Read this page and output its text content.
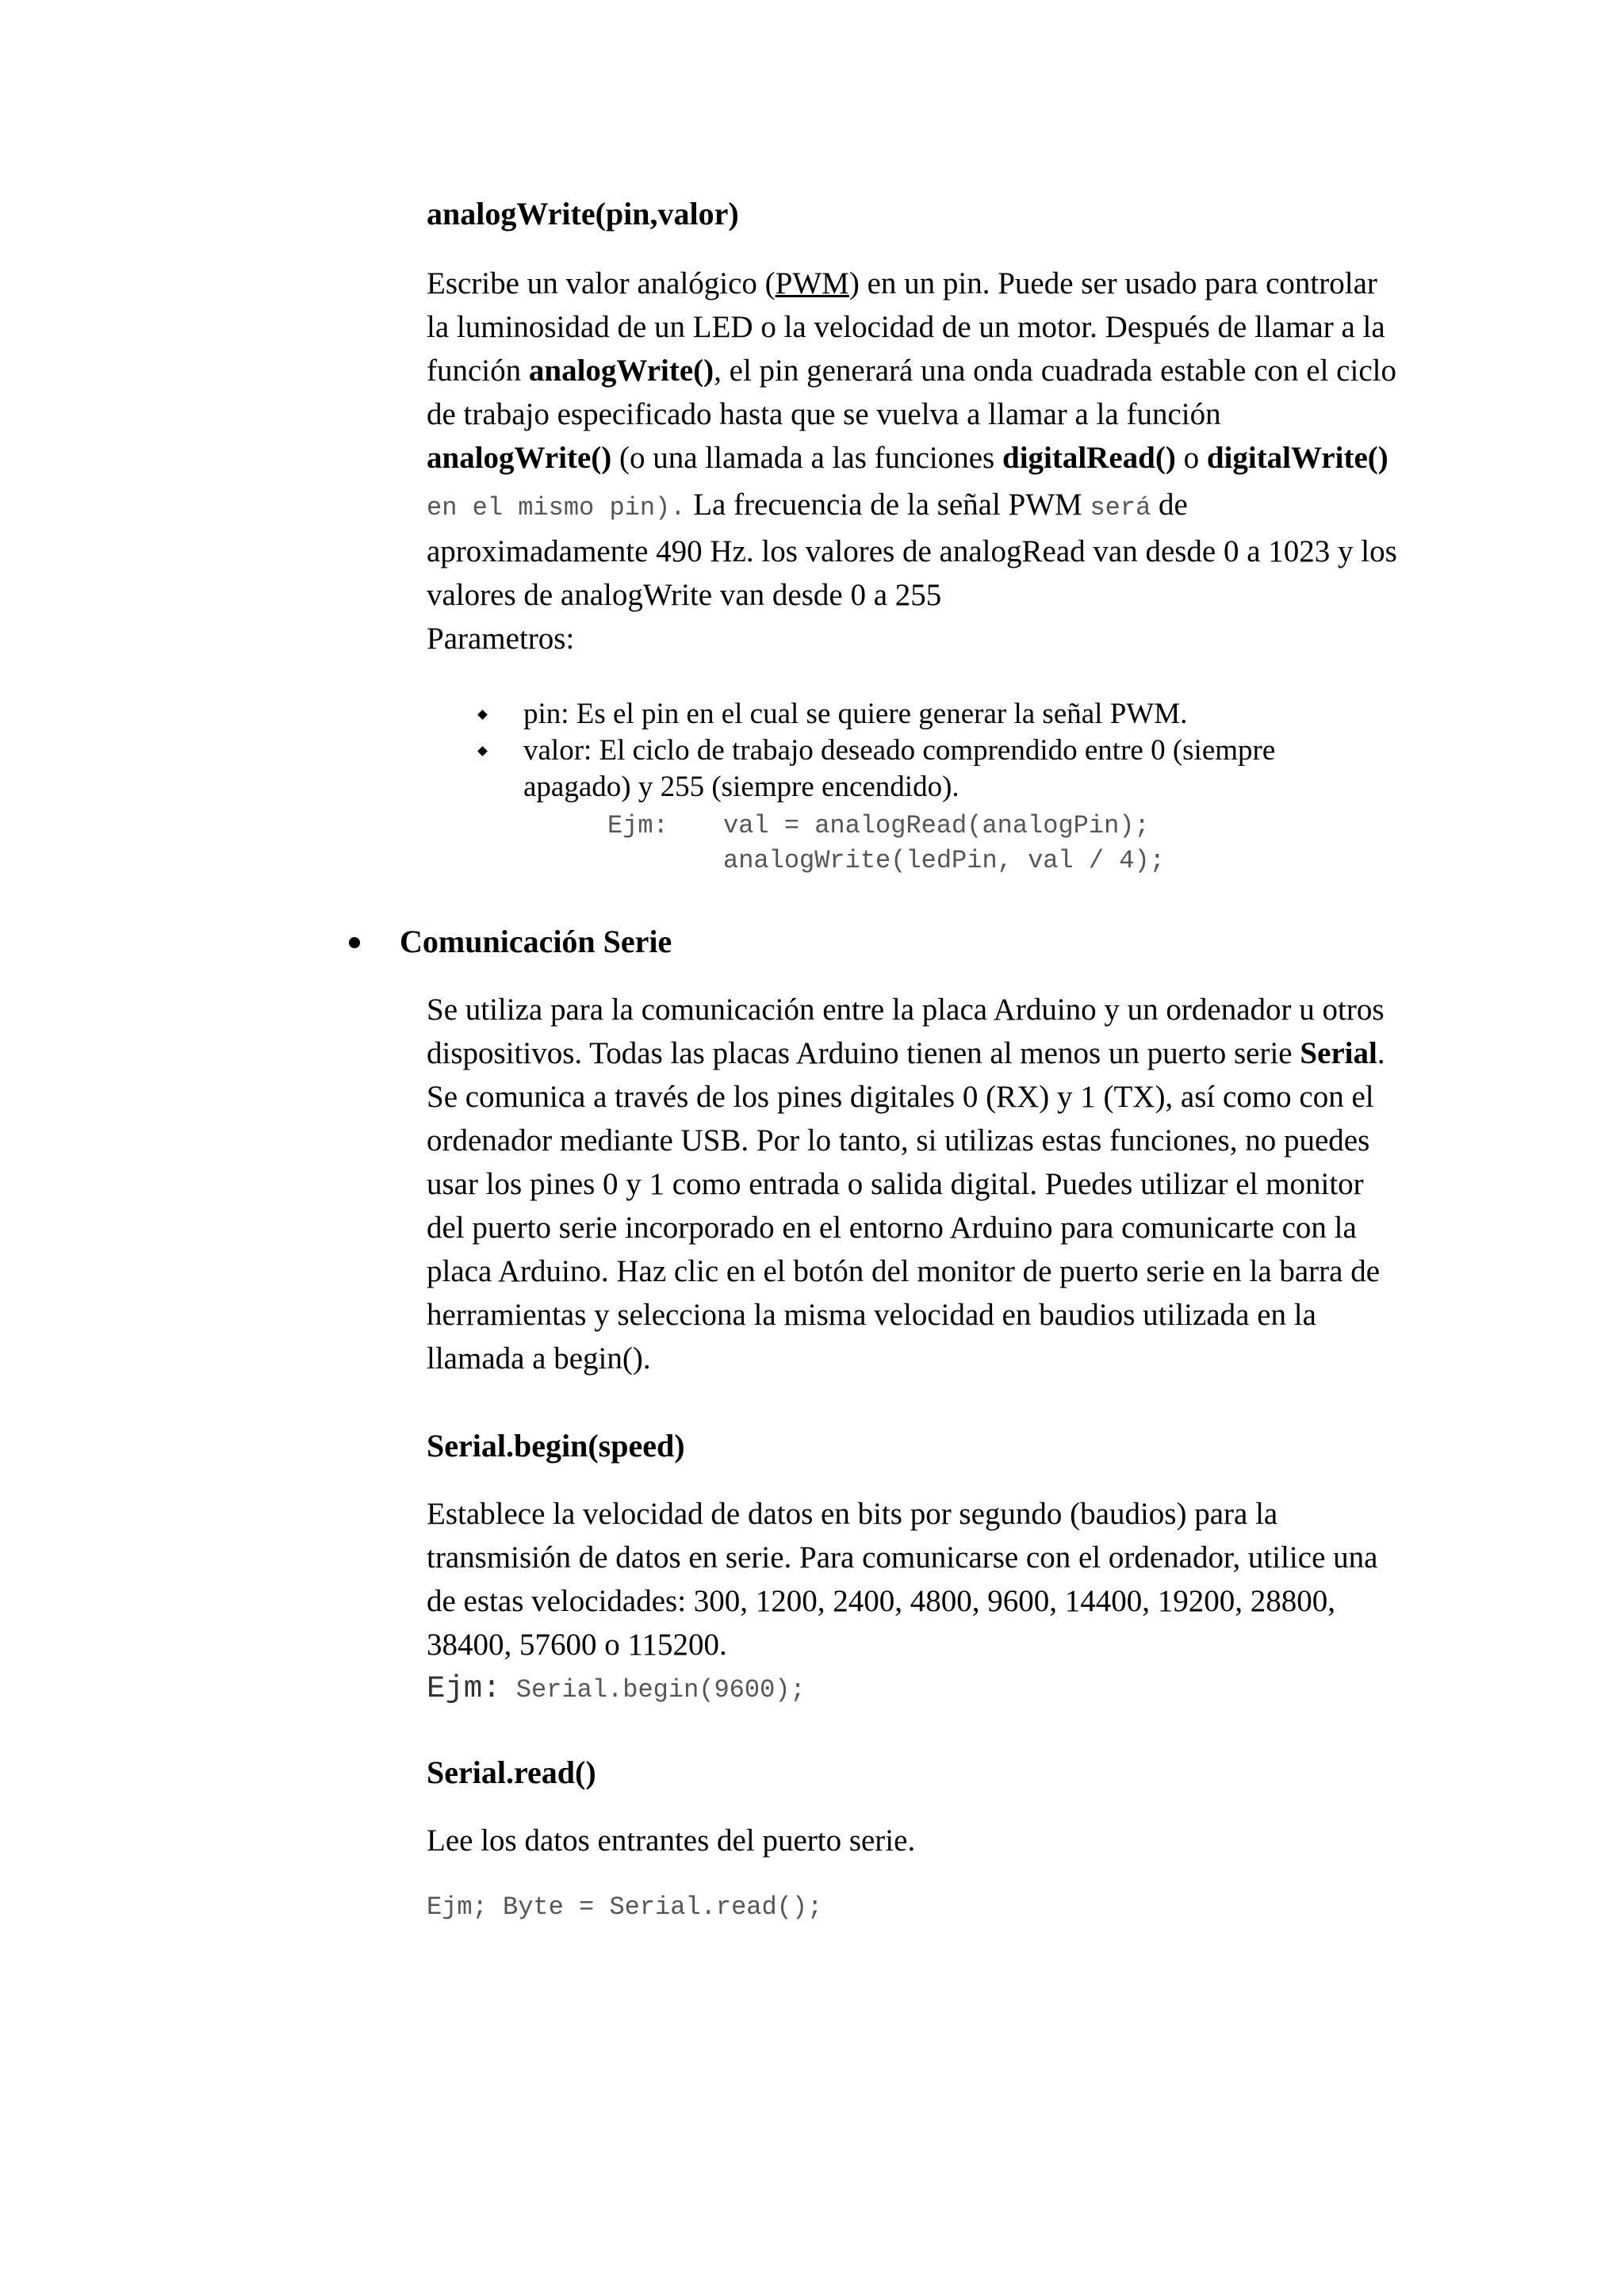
analogWrite(pin,valor)
Escribe un valor analógico (PWM) en un pin. Puede ser usado para controlar la luminosidad de un LED o la velocidad de un motor. Después de llamar a la función analogWrite(), el pin generará una onda cuadrada estable con el ciclo de trabajo especificado hasta que se vuelva a llamar a la función analogWrite() (o una llamada a las funciones digitalRead() o digitalWrite() en el mismo pin). La frecuencia de la señal PWM será de aproximadamente 490 Hz. los valores de analogRead van desde 0 a 1023 y los valores de analogWrite van desde 0 a 255
Parametros:
pin: Es el pin en el cual se quiere generar la señal PWM.
valor: El ciclo de trabajo deseado comprendido entre 0 (siempre apagado) y 255 (siempre encendido).
Ejm: val = analogRead(analogPin);
analogWrite(ledPin, val / 4);
Comunicación Serie
Se utiliza para la comunicación entre la placa Arduino y un ordenador u otros dispositivos. Todas las placas Arduino tienen al menos un puerto serie Serial. Se comunica a través de los pines digitales 0 (RX) y 1 (TX), así como con el ordenador mediante USB. Por lo tanto, si utilizas estas funciones, no puedes usar los pines 0 y 1 como entrada o salida digital. Puedes utilizar el monitor del puerto serie incorporado en el entorno Arduino para comunicarte con la placa Arduino. Haz clic en el botón del monitor de puerto serie en la barra de herramientas y selecciona la misma velocidad en baudios utilizada en la llamada a begin().
Serial.begin(speed)
Establece la velocidad de datos en bits por segundo (baudios) para la transmisión de datos en serie. Para comunicarse con el ordenador, utilice una de estas velocidades: 300, 1200, 2400, 4800, 9600, 14400, 19200, 28800, 38400, 57600 o 115200.
Ejm: Serial.begin(9600);
Serial.read()
Lee los datos entrantes del puerto serie.
Ejm; Byte = Serial.read();
